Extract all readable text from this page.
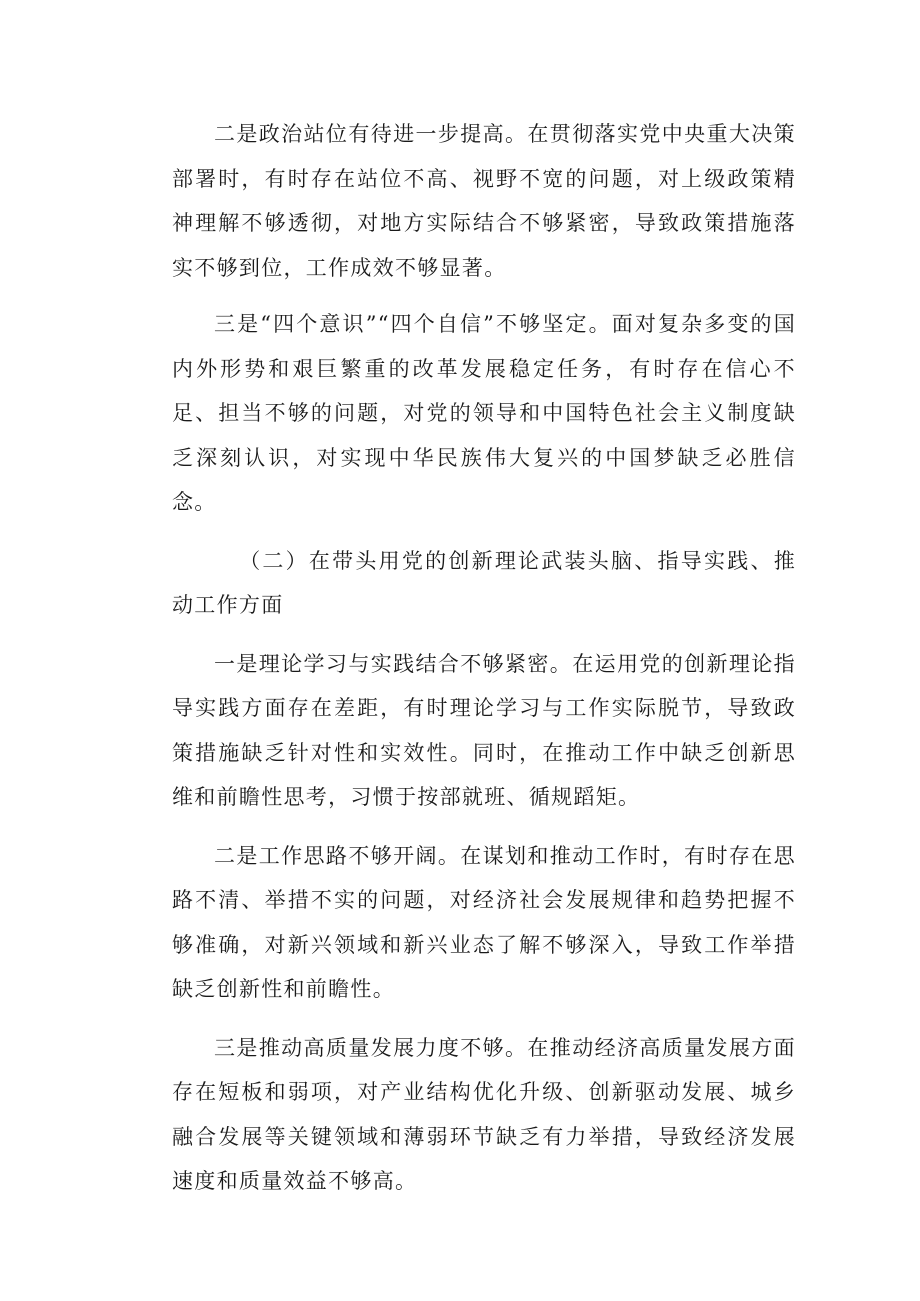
二是政治站位有待进一步提高。在贯彻落实党中央重大决策部署时，有时存在站位不高、视野不宽的问题，对上级政策精神理解不够透彻，对地方实际结合不够紧密，导致政策措施落实不够到位，工作成效不够显著。

三是“四个意识”“四个自信”不够坚定。面对复杂多变的国内外形势和艰巨繁重的改革发展稳定任务，有时存在信心不足、担当不够的问题，对党的领导和中国特色社会主义制度缺乏深刻认识，对实现中华民族伟大复兴的中国梦缺乏必胜信念。

（二）在带头用党的创新理论武装头脑、指导实践、推动工作方面

一是理论学习与实践结合不够紧密。在运用党的创新理论指导实践方面存在差距，有时理论学习与工作实际脱节，导致政策措施缺乏针对性和实效性。同时，在推动工作中缺乏创新思维和前瞻性思考，习惯于按部就班、循规蹈矩。

二是工作思路不够开阔。在谋划和推动工作时，有时存在思路不清、举措不实的问题，对经济社会发展规律和趋势把握不够准确，对新兴领域和新兴业态了解不够深入，导致工作举措缺乏创新性和前瞻性。

三是推动高质量发展力度不够。在推动经济高质量发展方面存在短板和弱项，对产业结构优化升级、创新驱动发展、城乡融合发展等关键领域和薄弱环节缺乏有力举措，导致经济发展速度和质量效益不够高。
